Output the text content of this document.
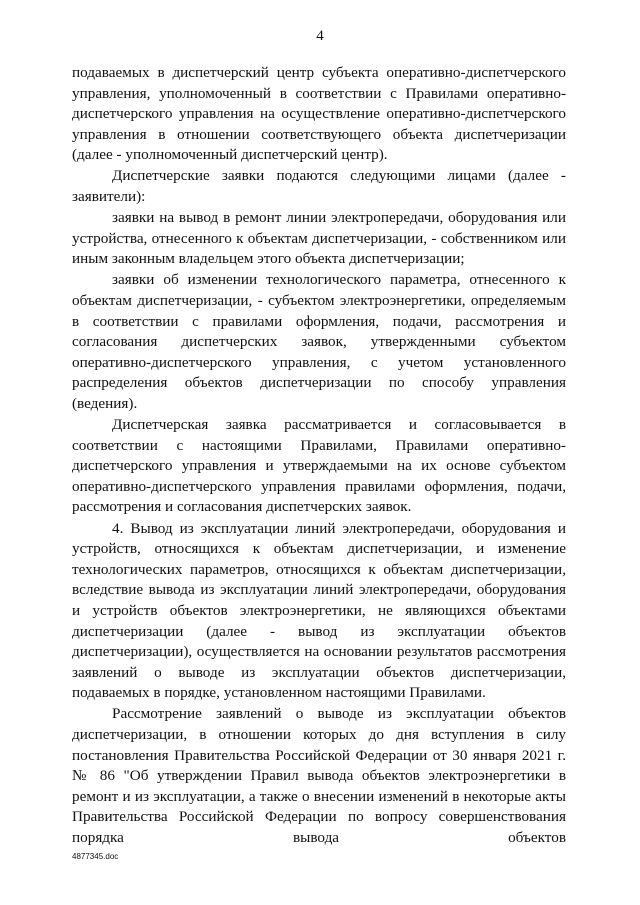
4

подаваемых в диспетчерский центр субъекта оперативно-диспетчерского управления, уполномоченный в соответствии с Правилами оперативно-диспетчерского управления на осуществление оперативно-диспетчерского управления в отношении соответствующего объекта диспетчеризации (далее - уполномоченный диспетчерский центр).

Диспетчерские заявки подаются следующими лицами (далее - заявители):

заявки на вывод в ремонт линии электропередачи, оборудования или устройства, отнесенного к объектам диспетчеризации, - собственником или иным законным владельцем этого объекта диспетчеризации;

заявки об изменении технологического параметра, отнесенного к объектам диспетчеризации, - субъектом электроэнергетики, определяемым в соответствии с правилами оформления, подачи, рассмотрения и согласования диспетчерских заявок, утвержденными субъектом оперативно-диспетчерского управления, с учетом установленного распределения объектов диспетчеризации по способу управления (ведения).

Диспетчерская заявка рассматривается и согласовывается в соответствии с настоящими Правилами, Правилами оперативно-диспетчерского управления и утверждаемыми на их основе субъектом оперативно-диспетчерского управления правилами оформления, подачи, рассмотрения и согласования диспетчерских заявок.

4. Вывод из эксплуатации линий электропередачи, оборудования и устройств, относящихся к объектам диспетчеризации, и изменение технологических параметров, относящихся к объектам диспетчеризации, вследствие вывода из эксплуатации линий электропередачи, оборудования и устройств объектов электроэнергетики, не являющихся объектами диспетчеризации (далее - вывод из эксплуатации объектов диспетчеризации), осуществляется на основании результатов рассмотрения заявлений о выводе из эксплуатации объектов диспетчеризации, подаваемых в порядке, установленном настоящими Правилами.

Рассмотрение заявлений о выводе из эксплуатации объектов диспетчеризации, в отношении которых до дня вступления в силу постановления Правительства Российской Федерации от 30 января 2021 г. № 86 "Об утверждении Правил вывода объектов электроэнергетики в ремонт и из эксплуатации, а также о внесении изменений в некоторые акты Правительства Российской Федерации по вопросу совершенствования порядка вывода объектов

4877345.doc
